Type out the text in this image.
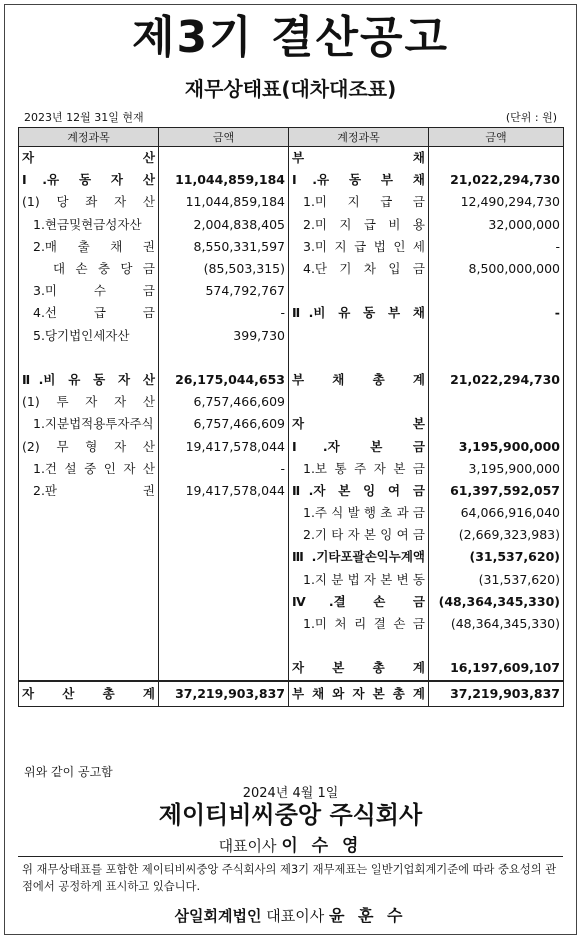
제3기 결산공고
재무상태표(대차대조표)
2023년 12월 31일 현재	(단위 : 원)
계정과목	금액	계정과목	금액
자 산		부 채	
Ⅰ.유 동 자 산	11,044,859,184	Ⅰ.유 동 부 채	21,022,294,730
(1) 당 좌 자 산	11,044,859,184	1.미 지 급 금	12,490,294,730
1.현금및현금성자산	2,004,838,405	2.미 지 급 비 용	32,000,000
2.매 출 채 권	8,550,331,597	3.미 지 급 법 인 세	-
대 손 충 당 금	(85,503,315)	4.단 기 차 입 금	8,500,000,000
3.미 수 금	574,792,767		
4.선 급 금	-	Ⅱ.비 유 동 부 채	-
5.당기법인세자산	399,730		

Ⅱ.비 유 동 자 산	26,175,044,653	부 채 총 계	21,022,294,730
(1) 투 자 자 산	6,757,466,609		
1.지분법적용투자주식	6,757,466,609	자 본	
(2) 무 형 자 산	19,417,578,044	Ⅰ.자 본 금	3,195,900,000
1.건 설 중 인 자 산	-	1.보 통 주 자 본 금	3,195,900,000
2.판 권	19,417,578,044	Ⅱ.자 본 잉 여 금	61,397,592,057
		1.주 식 발 행 초 과 금	64,066,916,040
		2.기 타 자 본 잉 여 금	(2,669,323,983)
		Ⅲ.기타포괄손익누계액	(31,537,620)
		1.지 분 법 자 본 변 동	(31,537,620)
		Ⅳ.결 손 금	(48,364,345,330)
		1.미 처 리 결 손 금	(48,364,345,330)

		자 본 총 계	16,197,609,107
자 산 총 계	37,219,903,837	부 채 와 자 본 총 계	37,219,903,837
위와 같이 공고함
2024년 4월 1일
제이티비씨중앙 주식회사
대표이사 이 수 영
위 재무상태표를 포함한 제이티비씨중앙 주식회사의 제3기 재무제표는 일반기업회계기준에 따라 중요성의 관점에서 공정하게 표시하고 있습니다.
삼일회계법인 대표이사 윤 훈 수
